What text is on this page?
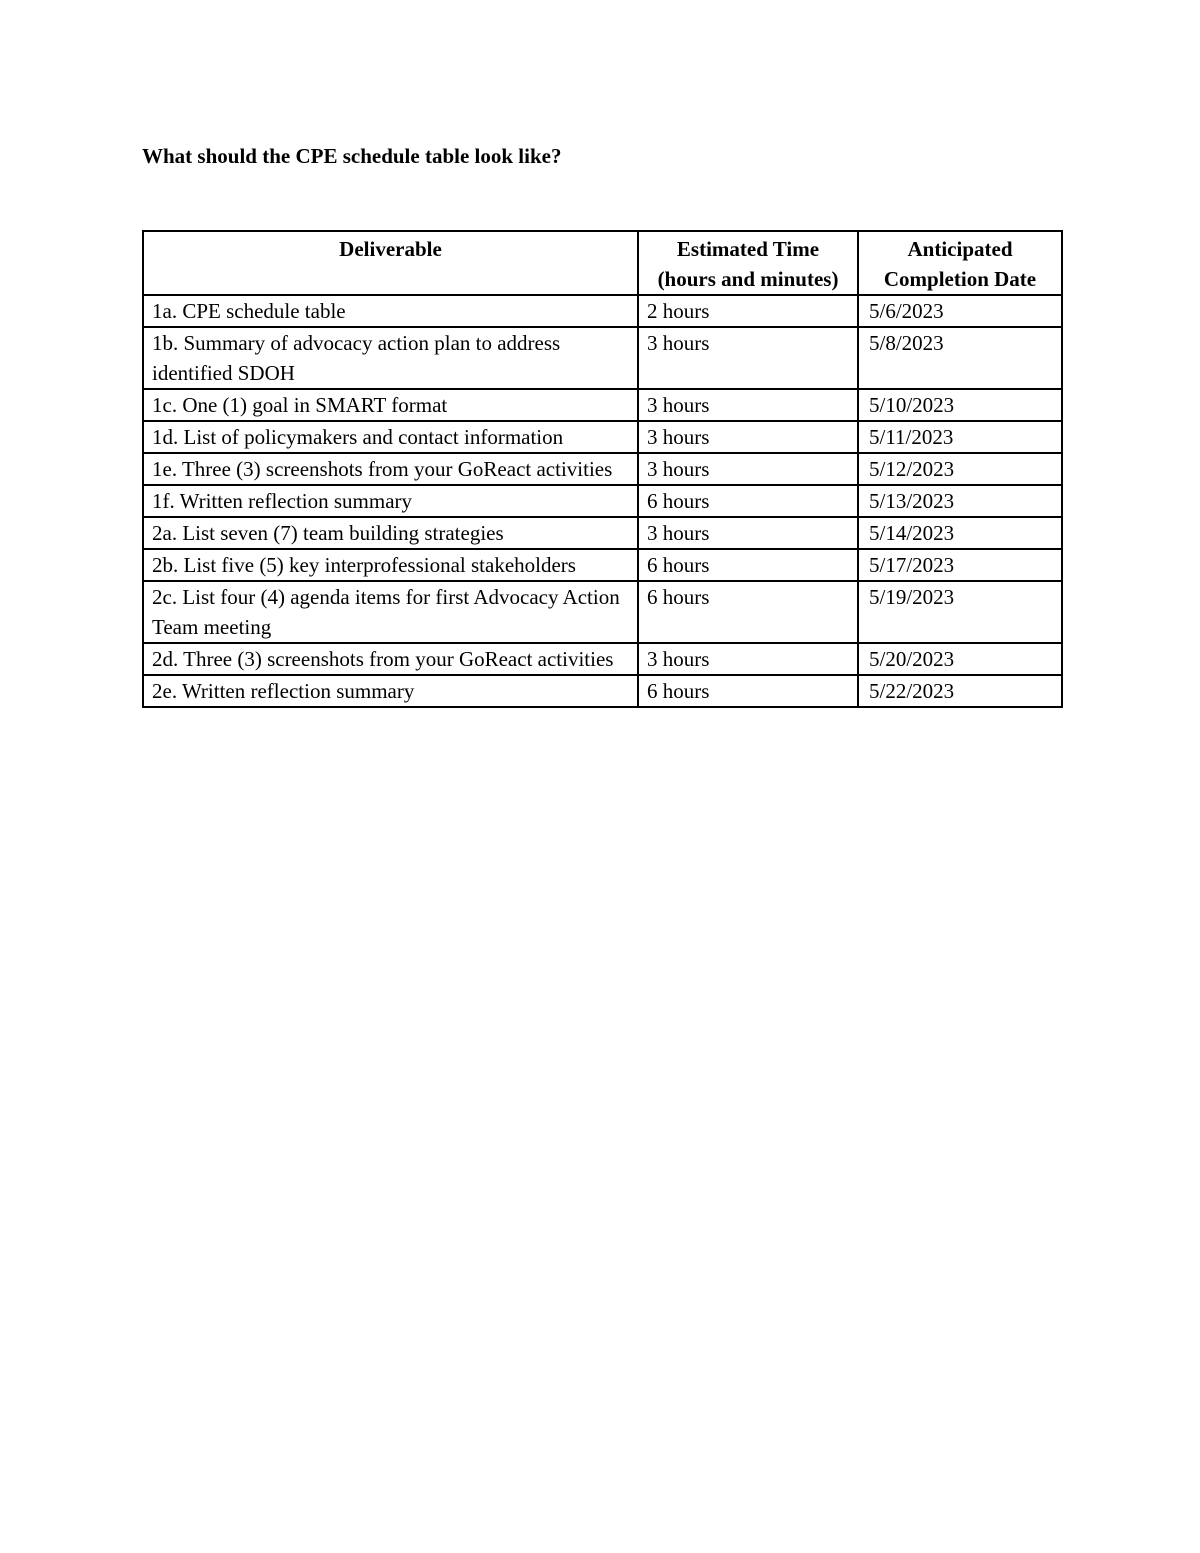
What should the CPE schedule table look like?

Deliverable	Estimated Time (hours and minutes)	Anticipated Completion Date
1a. CPE schedule table	2 hours	5/6/2023
1b. Summary of advocacy action plan to address identified SDOH	3 hours	5/8/2023
1c. One (1) goal in SMART format	3 hours	5/10/2023
1d. List of policymakers and contact information	3 hours	5/11/2023
1e. Three (3) screenshots from your GoReact activities	3 hours	5/12/2023
1f. Written reflection summary	6 hours	5/13/2023
2a. List seven (7) team building strategies	3 hours	5/14/2023
2b. List five (5) key interprofessional stakeholders	6 hours	5/17/2023
2c. List four (4) agenda items for first Advocacy Action Team meeting	6 hours	5/19/2023
2d. Three (3) screenshots from your GoReact activities	3 hours	5/20/2023
2e. Written reflection summary	6 hours	5/22/2023
